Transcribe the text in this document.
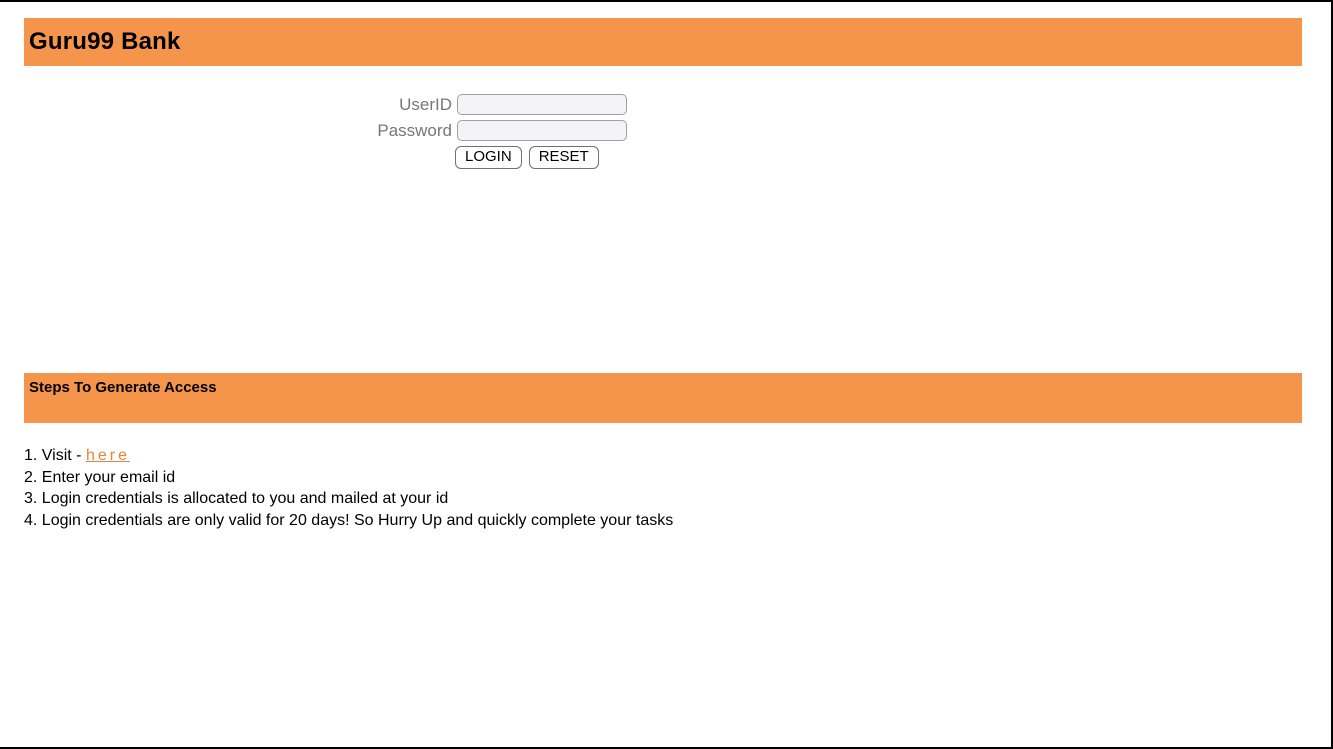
Guru99 Bank
UserID
Password
LOGIN	RESET
Steps To Generate Access
1. Visit - here
2. Enter your email id
3. Login credentials is allocated to you and mailed at your id
4. Login credentials are only valid for 20 days! So Hurry Up and quickly complete your tasks
